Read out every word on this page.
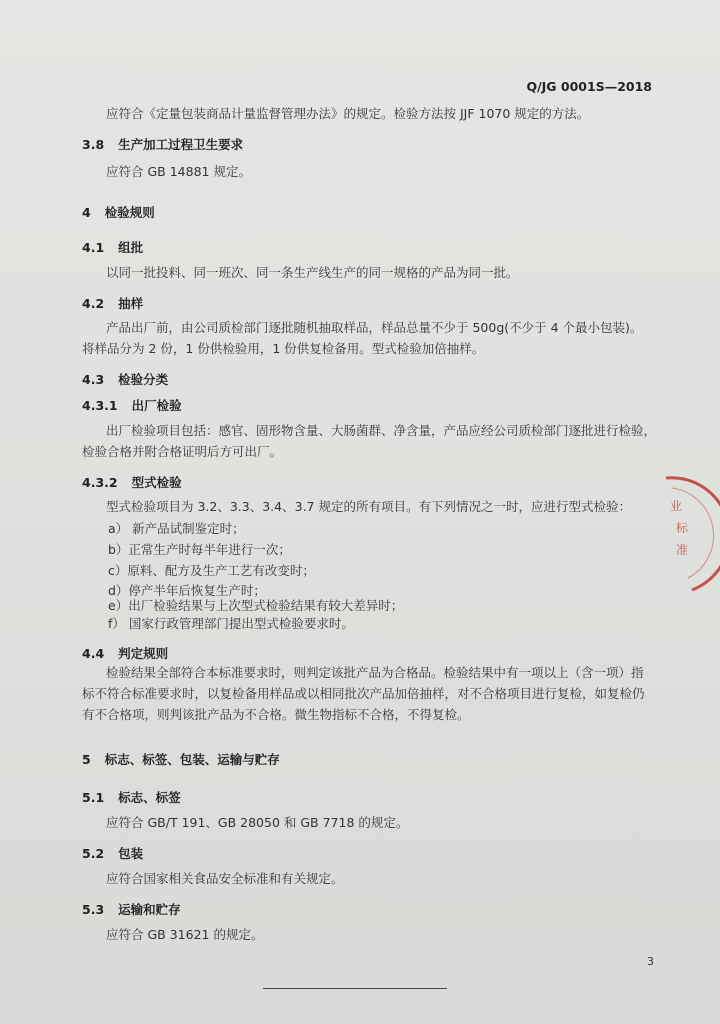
Q/JG 0001S—2018
应符合《定量包装商品计量监督管理办法》的规定。检验方法按 JJF 1070 规定的方法。
3.8 生产加工过程卫生要求
应符合 GB 14881 规定。
4 检验规则
4.1 组批
以同一批投料、同一班次、同一条生产线生产的同一规格的产品为同一批。
4.2 抽样
产品出厂前，由公司质检部门逐批随机抽取样品，样品总量不少于 500g(不少于 4 个最小包装)。
将样品分为 2 份，1 份供检验用，1 份供复检备用。型式检验加倍抽样。
4.3 检验分类
4.3.1 出厂检验
出厂检验项目包括：感官、固形物含量、大肠菌群、净含量，产品应经公司质检部门逐批进行检验，
检验合格并附合格证明后方可出厂。
4.3.2 型式检验
型式检验项目为 3.2、3.3、3.4、3.7 规定的所有项目。有下列情况之一时，应进行型式检验：
a） 新产品试制鉴定时；
b）正常生产时每半年进行一次；
c）原料、配方及生产工艺有改变时；
d）停产半年后恢复生产时；
e）出厂检验结果与上次型式检验结果有较大差异时；
f） 国家行政管理部门提出型式检验要求时。
4.4 判定规则
检验结果全部符合本标准要求时，则判定该批产品为合格品。检验结果中有一项以上（含一项）指
标不符合标准要求时，以复检备用样品或以相同批次产品加倍抽样，对不合格项目进行复检，如复检仍
有不合格项，则判该批产品为不合格。微生物指标不合格，不得复检。
5 标志、标签、包装、运输与贮存
5.1 标志、标签
应符合 GB/T 191、GB 28050 和 GB 7718 的规定。
5.2 包装
应符合国家相关食品安全标准和有关规定。
5.3 运输和贮存
应符合 GB 31621 的规定。
业
标
准
3
